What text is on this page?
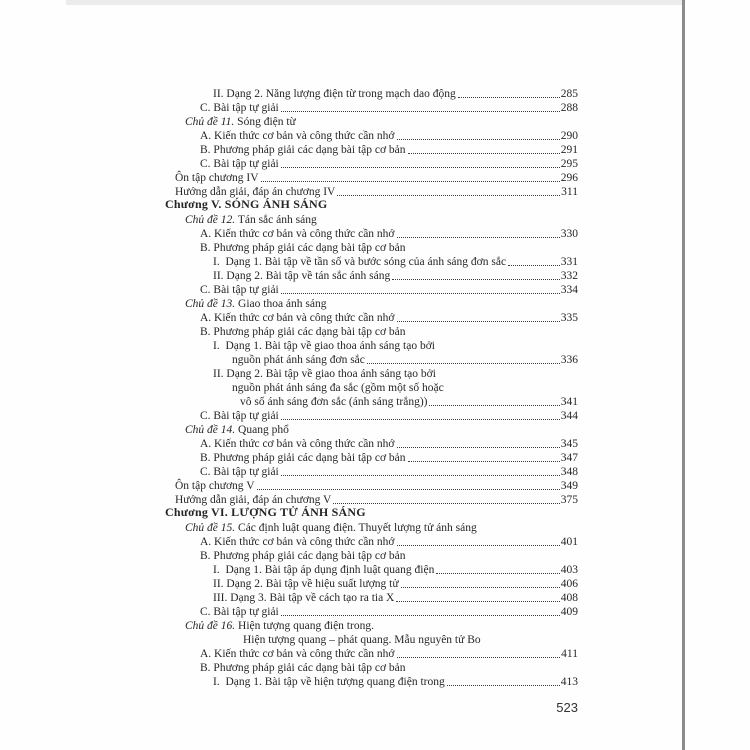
II. Dạng 2. Năng lượng điện từ trong mạch dao động	285
C. Bài tập tự giải	288
Chủ đề 11. Sóng điện từ
A. Kiến thức cơ bản và công thức cần nhớ	290
B. Phương pháp giải các dạng bài tập cơ bản	291
C. Bài tập tự giải	295
Ôn tập chương IV	296
Hướng dẫn giải, đáp án chương IV	311
Chương V. SÓNG ÁNH SÁNG
Chủ đề 12. Tán sắc ánh sáng
A. Kiến thức cơ bản và công thức cần nhớ	330
B. Phương pháp giải các dạng bài tập cơ bản
I.  Dạng 1. Bài tập về tần số và bước sóng của ánh sáng đơn sắc	331
II. Dạng 2. Bài tập về tán sắc ánh sáng	332
C. Bài tập tự giải	334
Chủ đề 13. Giao thoa ánh sáng
A. Kiến thức cơ bản và công thức cần nhớ	335
B. Phương pháp giải các dạng bài tập cơ bản
I.  Dạng 1. Bài tập về giao thoa ánh sáng tạo bởi
nguồn phát ánh sáng đơn sắc	336
II. Dạng 2. Bài tập về giao thoa ánh sáng tạo bởi
nguồn phát ánh sáng đa sắc (gồm một số hoặc
vô số ánh sáng đơn sắc (ánh sáng trắng))	341
C. Bài tập tự giải	344
Chủ đề 14. Quang phổ
A. Kiến thức cơ bản và công thức cần nhớ	345
B. Phương pháp giải các dạng bài tập cơ bản	347
C. Bài tập tự giải	348
Ôn tập chương V	349
Hướng dẫn giải, đáp án chương V	375
Chương VI. LƯỢNG TỬ ÁNH SÁNG
Chủ đề 15. Các định luật quang điện. Thuyết lượng tử ánh sáng
A. Kiến thức cơ bản và công thức cần nhớ	401
B. Phương pháp giải các dạng bài tập cơ bản
I.  Dạng 1. Bài tập áp dụng định luật quang điện	403
II. Dạng 2. Bài tập về hiệu suất lượng tử	406
III. Dạng 3. Bài tập về cách tạo ra tia X	408
C. Bài tập tự giải	409
Chủ đề 16. Hiện tượng quang điện trong.
Hiện tượng quang – phát quang. Mẫu nguyên tử Bo
A. Kiến thức cơ bản và công thức cần nhớ	411
B. Phương pháp giải các dạng bài tập cơ bản
I.  Dạng 1. Bài tập về hiện tượng quang điện trong	413
523
